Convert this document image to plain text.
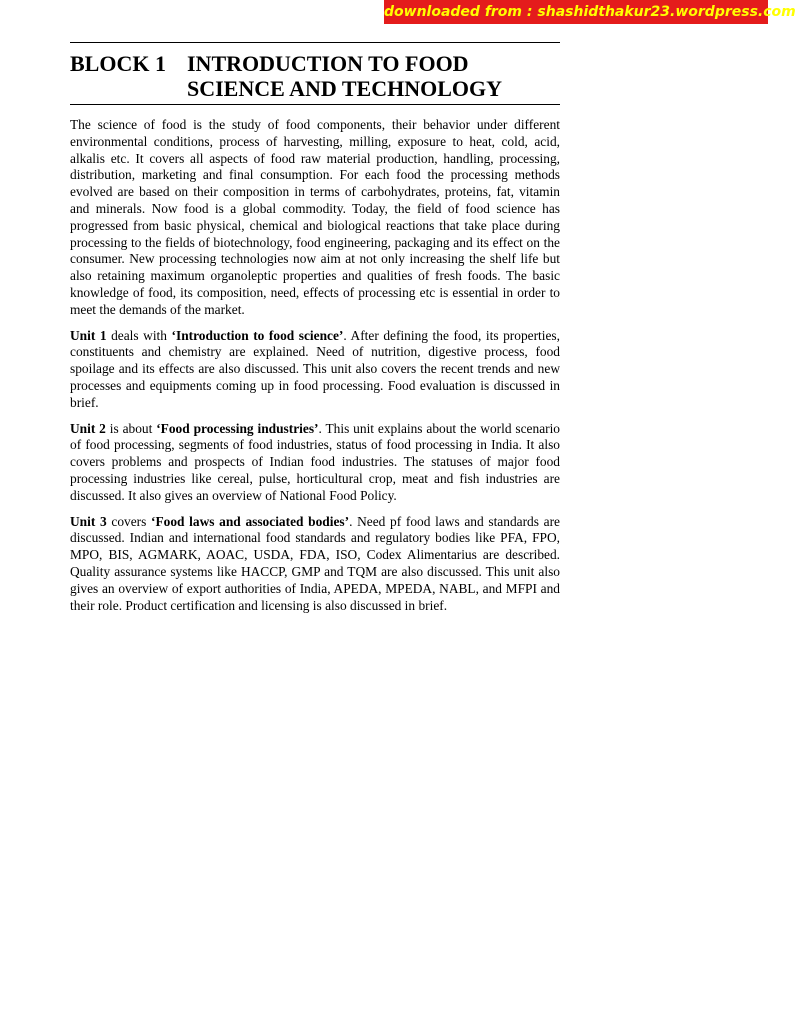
downloaded from : shashidthakur23.wordpress.com
BLOCK 1 INTRODUCTION TO FOOD SCIENCE AND TECHNOLOGY

The science of food is the study of food components, their behavior under different environmental conditions, process of harvesting, milling, exposure to heat, cold, acid, alkalis etc. It covers all aspects of food raw material production, handling, processing, distribution, marketing and final consumption. For each food the processing methods evolved are based on their composition in terms of carbohydrates, proteins, fat, vitamin and minerals. Now food is a global commodity. Today, the field of food science has progressed from basic physical, chemical and biological reactions that take place during processing to the fields of biotechnology, food engineering, packaging and its effect on the consumer. New processing technologies now aim at not only increasing the shelf life but also retaining maximum organoleptic properties and qualities of fresh foods. The basic knowledge of food, its composition, need, effects of processing etc is essential in order to meet the demands of the market.

Unit 1 deals with ‘Introduction to food science’. After defining the food, its properties, constituents and chemistry are explained. Need of nutrition, digestive process, food spoilage and its effects are also discussed. This unit also covers the recent trends and new processes and equipments coming up in food processing. Food evaluation is discussed in brief.

Unit 2 is about ‘Food processing industries’. This unit explains about the world scenario of food processing, segments of food industries, status of food processing in India. It also covers problems and prospects of Indian food industries. The statuses of major food processing industries like cereal, pulse, horticultural crop, meat and fish industries are discussed. It also gives an overview of National Food Policy.

Unit 3 covers ‘Food laws and associated bodies’. Need pf food laws and standards are discussed. Indian and international food standards and regulatory bodies like PFA, FPO, MPO, BIS, AGMARK, AOAC, USDA, FDA, ISO, Codex Alimentarius are described. Quality assurance systems like HACCP, GMP and TQM are also discussed. This unit also gives an overview of export authorities of India, APEDA, MPEDA, NABL, and MFPI and their role. Product certification and licensing is also discussed in brief.
